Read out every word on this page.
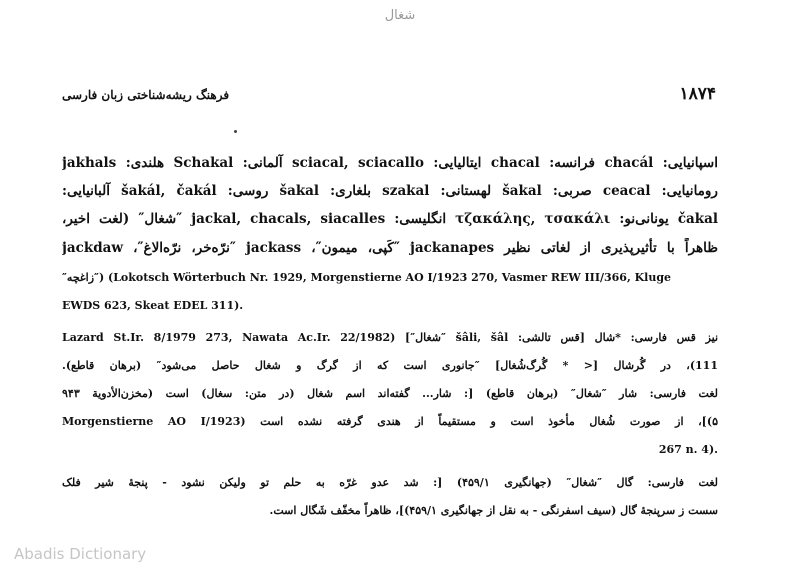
شغال
فرهنگ ریشه‌شناختی زبان فارسی	۱۸۷۴
اسپانیایی: chacál فرانسه: chacal ایتالیایی: sciacal, sciacallo آلمانی: Schakal هلندی: jakhals
رومانیایی: ceacal صربی: šakal لهستانی: szakal بلغاری: šakal روسی: šakál, čakál آلبانیایی:
čakal یونانی‌نو: τζακάλης, τσακάλι انگلیسی: jackal, chacals, siacalles ″شغال″ (لغت اخیر،
ظاهراً با تأثیرپذیری از لغاتی نظیر jackanapes ″کَپی، میمون″، jackass ″نرّه‌خر، نرّه‌الاغ″، jackdaw
″زاغچه″) (Lokotsch Wörterbuch Nr. 1929, Morgenstierne AO I/1923 270, Vasmer REW III/366, Kluge
EWDS 623, Skeat EDEL 311).
نیز قس فارسی: *شال [قس تالشی: šâli, šâl ″شغال″] (Lazard St.Ir. 8/1979 273, Nawata Ac.Ir. 22/1982
111)، در گُرشال [< * گُرگ‌شُغال] ″جانوری است که از گرگ و شغال حاصل می‌شود″ (برهان قاطع).
لغت فارسی: شار ″شغال″ (برهان قاطع) [: شار... گفته‌اند اسم شغال (در متن: سغال) است (مخزن‌الأدویة ۹۴۳
۵)]، از صورت شُغال مأخوذ است و مستقیماً از هندی گرفته نشده است (Morgenstierne AO I/1923
267 n. 4).
لغت فارسی: گال ″شغال″ (جهانگیری ۴۵۹/۱) [: شد عدو غرّه به حلم تو ولیکن نشود - پنجهٔ شیر فلک
سست ز سرپنجهٔ گال (سیف اسفرنگی - به نقل از جهانگیری ۴۵۹/۱)]، ظاهراً مخفّف شَگال است.
Abadis Dictionary
